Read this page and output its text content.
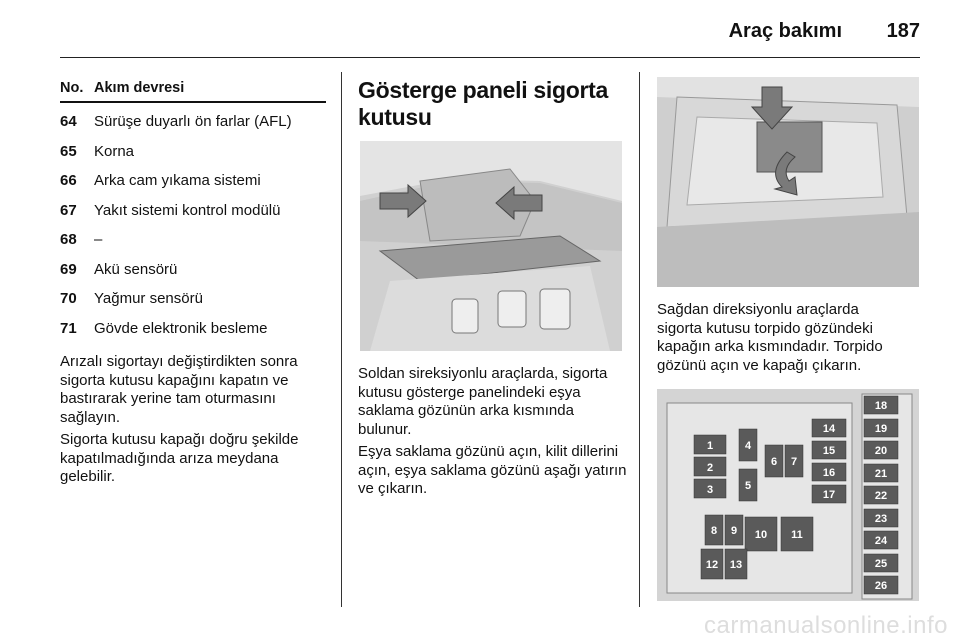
Araç bakımı 187
No. Akım devresi
64	Sürüşe duyarlı ön farlar (AFL)
65	Korna
66	Arka cam yıkama sistemi
67	Yakıt sistemi kontrol modülü
68	–
69	Akü sensörü
70	Yağmur sensörü
71	Gövde elektronik besleme

Arızalı sigortayı değiştirdikten sonra sigorta kutusu kapağını kapatın ve bastırarak yerine tam oturmasını sağlayın.

Sigorta kutusu kapağı doğru şekilde kapatılmadığında arıza meydana gelebilir.

Gösterge paneli sigorta kutusu

Soldan sireksiyonlu araçlarda, sigorta kutusu gösterge panelindeki eşya saklama gözünün arka kısmında bulunur.

Eşya saklama gözünü açın, kilit dillerini açın, eşya saklama gözünü aşağı yatırın ve çıkarın.

Sağdan direksiyonlu araçlarda sigorta kutusu torpido gözündeki kapağın arka kısmındadır. Torpido gözünü açın ve kapağı çıkarın.

1
2
3
4
5
6 7
8 9 10 11
12 13
14
15
16
17
18
19
20
21
22
23
24
25
26
carmanualsonline.info
